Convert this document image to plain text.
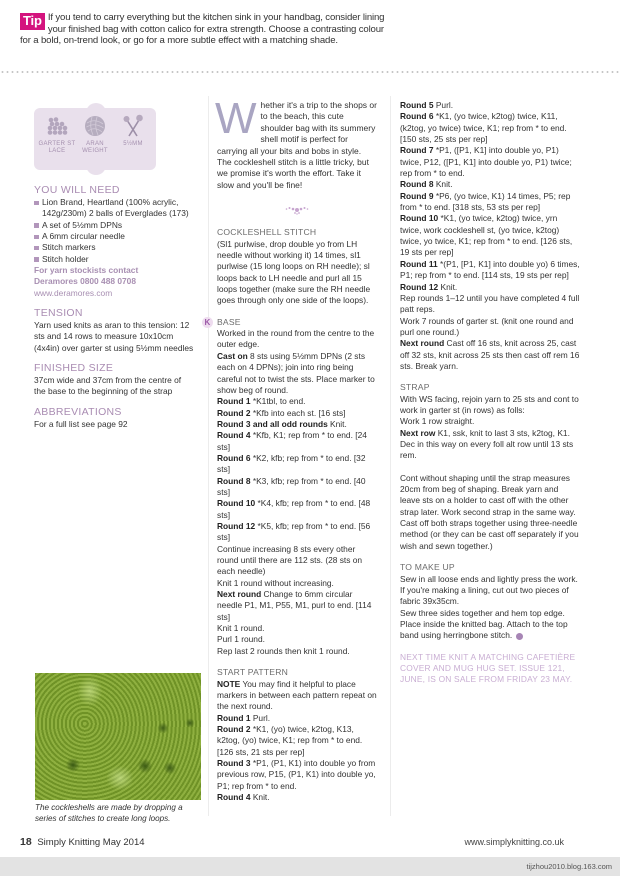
Tip If you tend to carry everything but the kitchen sink in your handbag, consider lining your finished bag with cotton calico for extra strength. Choose a contrasting colour for a bold, on-trend look, or go for a more subtle effect with a matching shade.
GARTER ST LACE
ARAN WEIGHT
5½MM
YOU WILL NEED
Lion Brand, Heartland (100% acrylic, 142g/230m) 2 balls of Everglades (173)
A set of 5½mm DPNs
A 6mm circular needle
Stitch markers
Stitch holder
For yarn stockists contact
Deramores 0800 488 0708
www.deramores.com
TENSION
Yarn used knits as aran to this tension: 12 sts and 14 rows to measure 10x10cm (4x4in) over garter st using 5½mm needles
FINISHED SIZE
37cm wide and 37cm from the centre of the base to the beginning of the strap
ABBREVIATIONS
For a full list see page 92
The cockleshells are made by dropping a series of stitches to create long loops.
W hether it's a trip to the shops or to the beach, this cute shoulder bag with its summery shell motif is perfect for carrying all your bits and bobs in style. The cockleshell stitch is a little tricky, but we promise it's worth the effort. Take it slow and you'll be fine!
COCKLESHELL STITCH
(Sl1 purlwise, drop double yo from LH needle without working it) 14 times, sl1 purlwise (15 long loops on RH needle); sl loops back to LH needle and purl all 15 loops together (make sure the RH needle goes through only one side of the loops).
K BASE
Worked in the round from the centre to the outer edge.
Cast on 8 sts using 5½mm DPNs (2 sts each on 4 DPNs); join into ring being careful not to twist the sts. Place marker to show beg of round.
Round 1 *K1tbl, to end.
Round 2 *Kfb into each st. [16 sts]
Round 3 and all odd rounds Knit.
Round 4 *Kfb, K1; rep from * to end. [24 sts]
Round 6 *K2, kfb; rep from * to end. [32 sts]
Round 8 *K3, kfb; rep from * to end. [40 sts]
Round 10 *K4, kfb; rep from * to end. [48 sts]
Round 12 *K5, kfb; rep from * to end. [56 sts]
Continue increasing 8 sts every other round until there are 112 sts. (28 sts on each needle)
Knit 1 round without increasing.
Next round Change to 6mm circular needle P1, M1, P55, M1, purl to end. [114 sts]
Knit 1 round.
Purl 1 round.
Rep last 2 rounds then knit 1 round.
START PATTERN
NOTE You may find it helpful to place markers in between each pattern repeat on the next round.
Round 1 Purl.
Round 2 *K1, (yo) twice, k2tog, K13, k2tog, (yo) twice, K1; rep from * to end. [126 sts, 21 sts per rep]
Round 3 *P1, (P1, K1) into double yo from previous row, P15, (P1, K1) into double yo, P1; rep from * to end.
Round 4 Knit.
Round 5 Purl.
Round 6 *K1, (yo twice, k2tog) twice, K11, (k2tog, yo twice) twice, K1; rep from * to end. [150 sts, 25 sts per rep]
Round 7 *P1, ([P1, K1] into double yo, P1) twice, P12, ([P1, K1] into double yo, P1) twice; rep from * to end.
Round 8 Knit.
Round 9 *P6, (yo twice, K1) 14 times, P5; rep from * to end. [318 sts, 53 sts per rep]
Round 10 *K1, (yo twice, k2tog) twice, yrn twice, work cockleshell st, (yo twice, k2tog) twice, yo twice, K1; rep from * to end. [126 sts, 19 sts per rep]
Round 11 *(P1, [P1, K1] into double yo) 6 times, P1; rep from * to end. [114 sts, 19 sts per rep]
Round 12 Knit.
Rep rounds 1–12 until you have completed 4 full patt reps.
Work 7 rounds of garter st. (knit one round and purl one round.)
Next round Cast off 16 sts, knit across 25, cast off 32 sts, knit across 25 sts then cast off rem 16 sts. Break yarn.
STRAP
With WS facing, rejoin yarn to 25 sts and cont to work in garter st (in rows) as folls:
Work 1 row straight.
Next row K1, ssk, knit to last 3 sts, k2tog, K1.
Dec in this way on every foll alt row until 13 sts rem.
Cont without shaping until the strap measures 20cm from beg of shaping. Break yarn and leave sts on a holder to cast off with the other strap later. Work second strap in the same way. Cast off both straps together using three-needle method (or they can be cast off separately if you wish and sewn together.)
TO MAKE UP
Sew in all loose ends and lightly press the work.
If you're making a lining, cut out two pieces of fabric 39x35cm.
Sew three sides together and hem top edge. Place inside the knitted bag. Attach to the top band using herringbone stitch.
NEXT TIME KNIT A MATCHING CAFETIÈRE COVER AND MUG HUG SET. ISSUE 121, JUNE, IS ON SALE FROM FRIDAY 23 MAY.
18 Simply Knitting May 2014	www.simplyknitting.co.uk
tijzhou2010.blog.163.com
